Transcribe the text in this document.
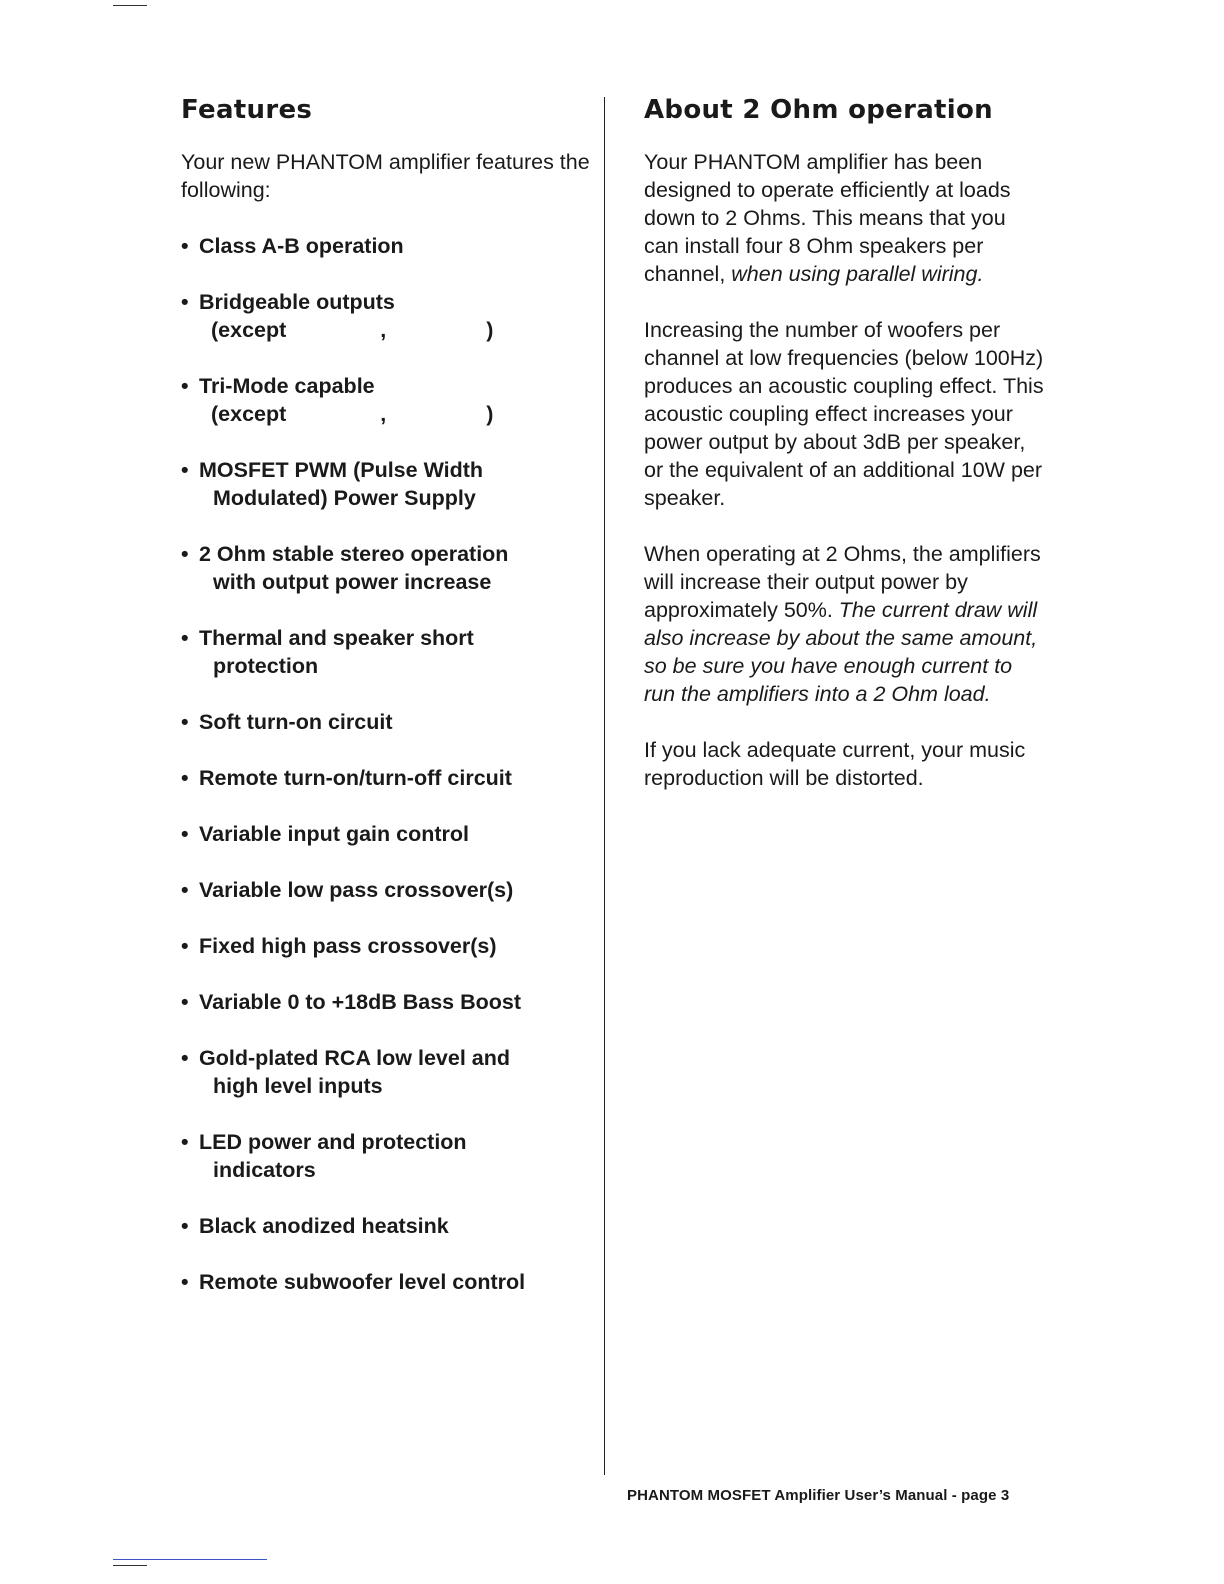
Features

Your new PHANTOM amplifier features the following:

• Class A-B operation
• Bridgeable outputs
(except	,	)
• Tri-Mode capable
(except	,	)
• MOSFET PWM (Pulse Width
Modulated) Power Supply
• 2 Ohm stable stereo operation
with output power increase
• Thermal and speaker short
protection
• Soft turn-on circuit
• Remote turn-on/turn-off circuit
• Variable input gain control
• Variable low pass crossover(s)
• Fixed high pass crossover(s)
• Variable 0 to +18dB Bass Boost
• Gold-plated RCA low level and
high level inputs
• LED power and protection
indicators
• Black anodized heatsink
• Remote subwoofer level control
About 2 Ohm operation

Your PHANTOM amplifier has been designed to operate efficiently at loads down to 2 Ohms. This means that you can install four 8 Ohm speakers per channel, when using parallel wiring.

Increasing the number of woofers per channel at low frequencies (below 100Hz) produces an acoustic coupling effect. This acoustic coupling effect increases your power output by about 3dB per speaker, or the equivalent of an additional 10W per speaker.

When operating at 2 Ohms, the amplifiers will increase their output power by approximately 50%. The current draw will also increase by about the same amount, so be sure you have enough current to run the amplifiers into a 2 Ohm load.

If you lack adequate current, your music reproduction will be distorted.

PHANTOM MOSFET Amplifier User’s Manual - page 3
